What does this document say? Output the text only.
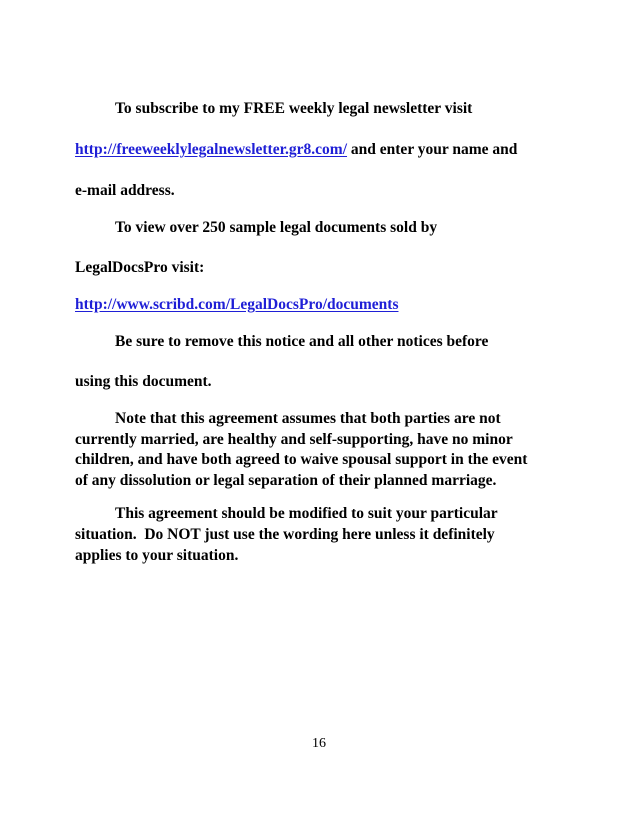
To subscribe to my FREE weekly legal newsletter visit
http://freeweeklylegalnewsletter.gr8.com/ and enter your name and
e-mail address.
To view over 250 sample legal documents sold by
LegalDocsPro visit:
http://www.scribd.com/LegalDocsPro/documents
Be sure to remove this notice and all other notices before
using this document.
Note that this agreement assumes that both parties are not
currently married, are healthy and self-supporting, have no minor
children, and have both agreed to waive spousal support in the event
of any dissolution or legal separation of their planned marriage.
This agreement should be modified to suit your particular
situation.  Do NOT just use the wording here unless it definitely
applies to your situation.
16
